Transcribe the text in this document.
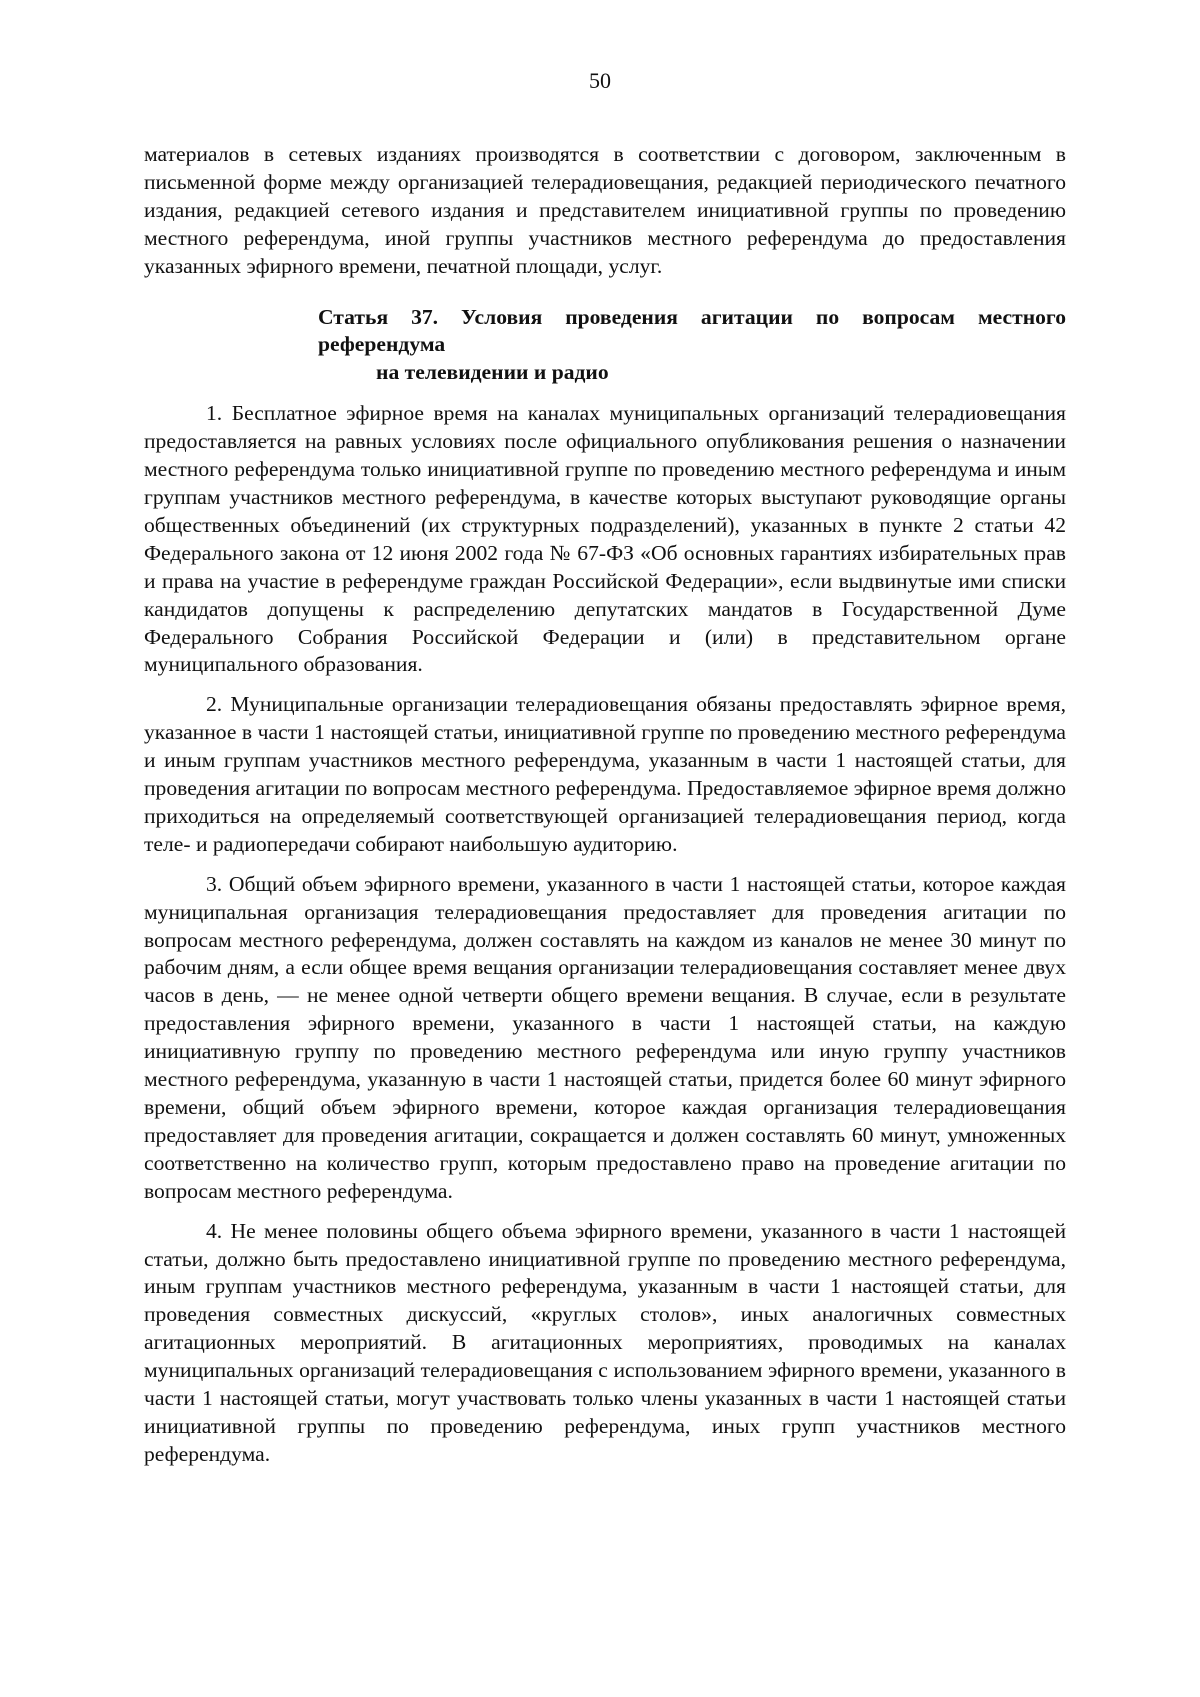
50

материалов в сетевых изданиях производятся в соответствии с договором, заключенным в письменной форме между организацией телерадиовещания, редакцией периодического печатного издания, редакцией сетевого издания и представителем инициативной группы по проведению местного референдума, иной группы участников местного референдума до предоставления указанных эфирного времени, печатной площади, услуг.

Статья 37. Условия проведения агитации по вопросам местного референдума
на телевидении и радио

1. Бесплатное эфирное время на каналах муниципальных организаций телерадиовещания предоставляется на равных условиях после официального опубликования решения о назначении местного референдума только инициативной группе по проведению местного референдума и иным группам участников местного референдума, в качестве которых выступают руководящие органы общественных объединений (их структурных подразделений), указанных в пункте 2 статьи 42 Федерального закона от 12 июня 2002 года № 67-ФЗ «Об основных гарантиях избирательных прав и права на участие в референдуме граждан Российской Федерации», если выдвинутые ими списки кандидатов допущены к распределению депутатских мандатов в Государственной Думе Федерального Собрания Российской Федерации и (или) в представительном органе муниципального образования.

2. Муниципальные организации телерадиовещания обязаны предоставлять эфирное время, указанное в части 1 настоящей статьи, инициативной группе по проведению местного референдума и иным группам участников местного референдума, указанным в части 1 настоящей статьи, для проведения агитации по вопросам местного референдума. Предоставляемое эфирное время должно приходиться на определяемый соответствующей организацией телерадиовещания период, когда теле- и радиопередачи собирают наибольшую аудиторию.

3. Общий объем эфирного времени, указанного в части 1 настоящей статьи, которое каждая муниципальная организация телерадиовещания предоставляет для проведения агитации по вопросам местного референдума, должен составлять на каждом из каналов не менее 30 минут по рабочим дням, а если общее время вещания организации телерадиовещания составляет менее двух часов в день, — не менее одной четверти общего времени вещания. В случае, если в результате предоставления эфирного времени, указанного в части 1 настоящей статьи, на каждую инициативную группу по проведению местного референдума или иную группу участников местного референдума, указанную в части 1 настоящей статьи, придется более 60 минут эфирного времени, общий объем эфирного времени, которое каждая организация телерадиовещания предоставляет для проведения агитации, сокращается и должен составлять 60 минут, умноженных соответственно на количество групп, которым предоставлено право на проведение агитации по вопросам местного референдума.

4. Не менее половины общего объема эфирного времени, указанного в части 1 настоящей статьи, должно быть предоставлено инициативной группе по проведению местного референдума, иным группам участников местного референдума, указанным в части 1 настоящей статьи, для проведения совместных дискуссий, «круглых столов», иных аналогичных совместных агитационных мероприятий. В агитационных мероприятиях, проводимых на каналах муниципальных организаций телерадиовещания с использованием эфирного времени, указанного в части 1 настоящей статьи, могут участвовать только члены указанных в части 1 настоящей статьи инициативной группы по проведению референдума, иных групп участников местного референдума.
